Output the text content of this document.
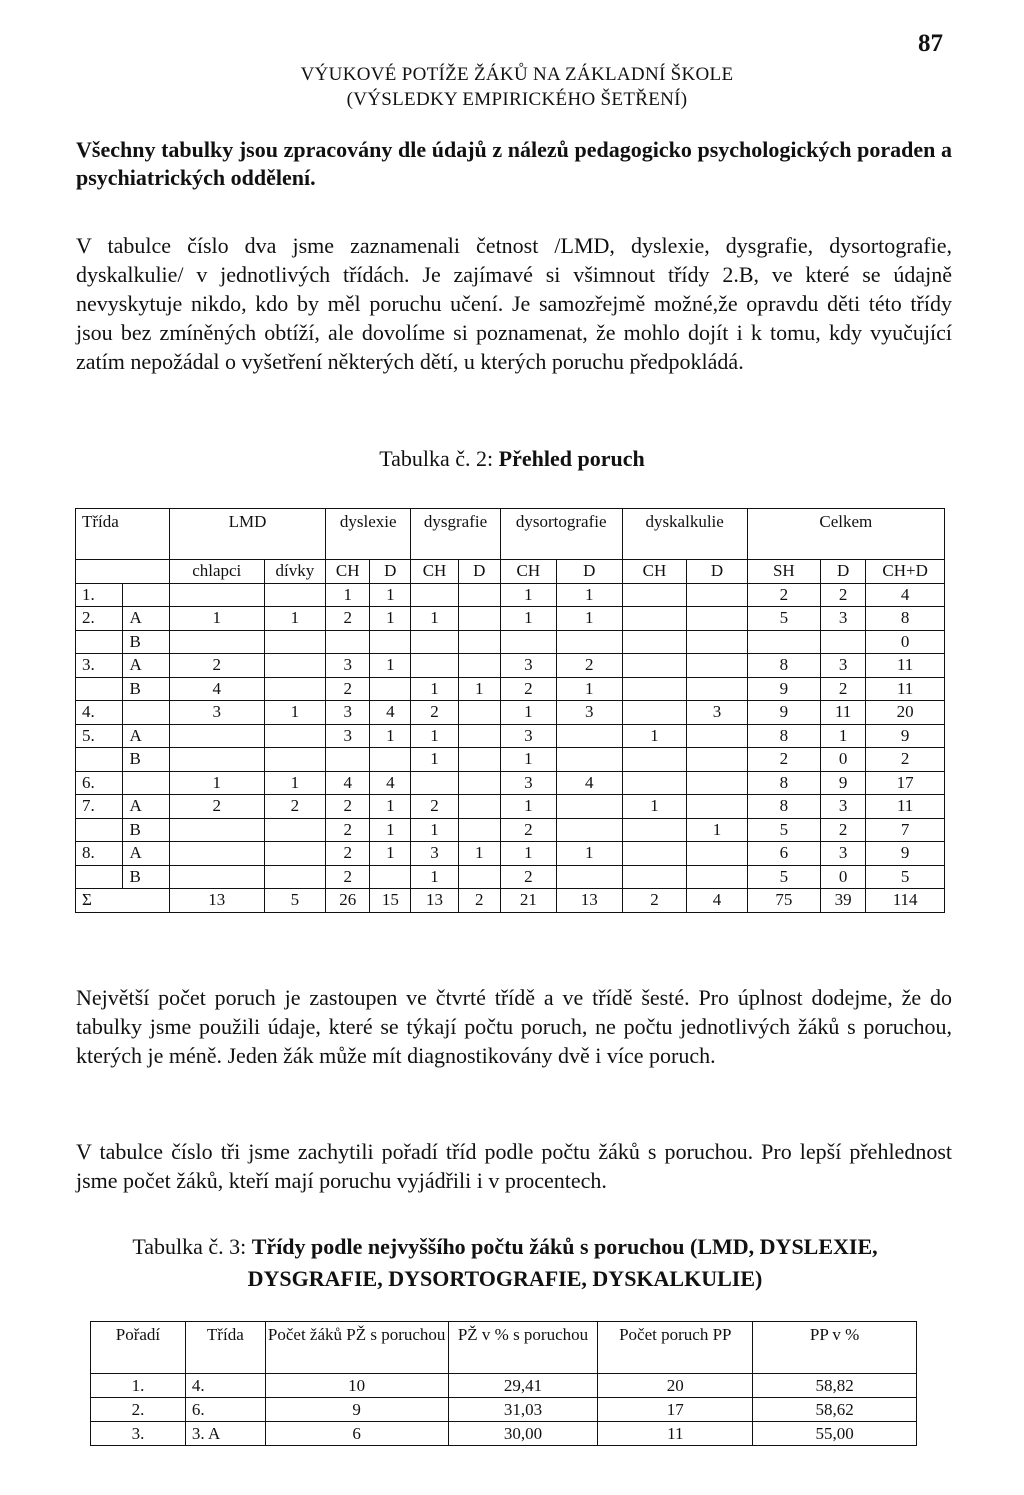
87
VÝUKOVÉ POTÍŽE ŽÁKŮ NA ZÁKLADNÍ ŠKOLE
(VÝSLEDKY EMPIRICKÉHO ŠETŘENÍ)

Všechny tabulky jsou zpracovány dle údajů z nálezů pedagogicko psychologických poraden a psychiatrických oddělení.

V tabulce číslo dva jsme zaznamenali četnost /LMD, dyslexie, dysgrafie, dysortografie, dyskalkulie/ v jednotlivých třídách. Je zajímavé si všimnout třídy 2.B, ve které se údajně nevyskytuje nikdo, kdo by měl poruchu učení. Je samozřejmě možné,že opravdu děti této třídy jsou bez zmíněných obtíží, ale dovolíme si poznamenat, že mohlo dojít i k tomu, kdy vyučující zatím nepožádal o vyšetření některých dětí, u kterých poruchu předpokládá.

Tabulka č. 2: Přehled poruch
Třída		LMD		dyslexie		dysgrafie		dysortografie		dyskalkulie		Celkem		
		chlapci	dívky	CH	D	CH	D	CH	D	CH	D	SH	D	CH+D
1.				1	1			1	1			2	2	4
2.	A	1	1	2	1	1		1	1			5	3	8
	B													0
3.	A	2		3	1			3	2			8	3	11
	B	4		2		1	1	2	1			9	2	11
4.		3	1	3	4	2		1	3		3	9	11	20
5.	A			3	1	1		3		1		8	1	9
	B					1		1				2	0	2
6.		1	1	4	4			3	4			8	9	17
7.	A	2	2	2	1	2		1		1		8	3	11
	B			2	1	1		2			1	5	2	7
8.	A			2	1	3	1	1	1			6	3	9
	B			2		1		2				5	0	5
Σ		13	5	26	15	13	2	21	13	2	4	75	39	114

Největší počet poruch je zastoupen ve čtvrté třídě a ve třídě šesté. Pro úplnost dodejme, že do tabulky jsme použili údaje, které se týkají počtu poruch, ne počtu jednotlivých žáků s poruchou, kterých je méně. Jeden žák může mít diagnostikovány dvě i více poruch.

V tabulce číslo tři jsme zachytili pořadí tříd podle počtu žáků s poruchou. Pro lepší přehlednost jsme počet žáků, kteří mají poruchu vyjádřili i v procentech.

Tabulka č. 3: Třídy podle nejvyššího počtu žáků s poruchou (LMD, DYSLEXIE, DYSGRAFIE, DYSORTOGRAFIE, DYSKALKULIE)
Pořadí	Třída	Počet žáků PŽ s poruchou	PŽ v % s poruchou	Počet poruch PP	PP v %
1.	4.	10	29,41	20	58,82
2.	6.	9	31,03	17	58,62
3.	3. A	6	30,00	11	55,00
